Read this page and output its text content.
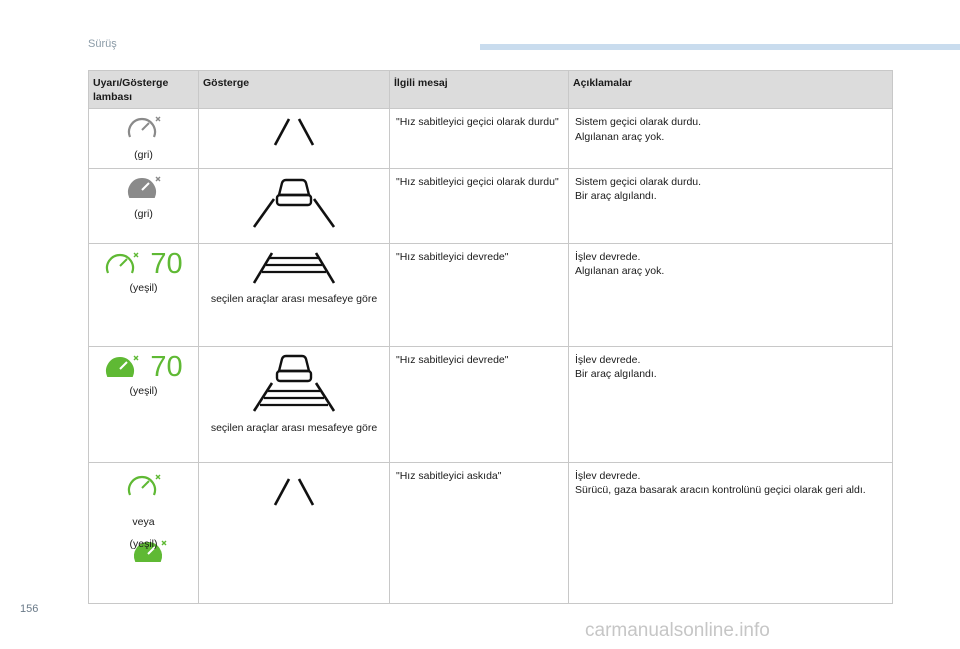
Sürüş
Uyarı/Gösterge lambası	Gösterge	İlgili mesaj	Açıklamalar

(gri)		"Hız sabitleyici geçici olarak durdu"	Sistem geçici olarak durdu.
Algılanan araç yok.

(gri)		"Hız sabitleyici geçici olarak durdu"	Sistem geçici olarak durdu.
Bir araç algılandı.

70
(yeşil)	seçilen araçlar arası mesafeye göre	"Hız sabitleyici devrede"	İşlev devrede.
Algılanan araç yok.

70
(yeşil)	seçilen araçlar arası mesafeye göre	"Hız sabitleyici devrede"	İşlev devrede.
Bir araç algılandı.

veya
(yeşil)		"Hız sabitleyici askıda"	İşlev devrede.
Sürücü, gaza basarak aracın kontrolünü geçici olarak geri aldı.
156
carmanualsonline.info
